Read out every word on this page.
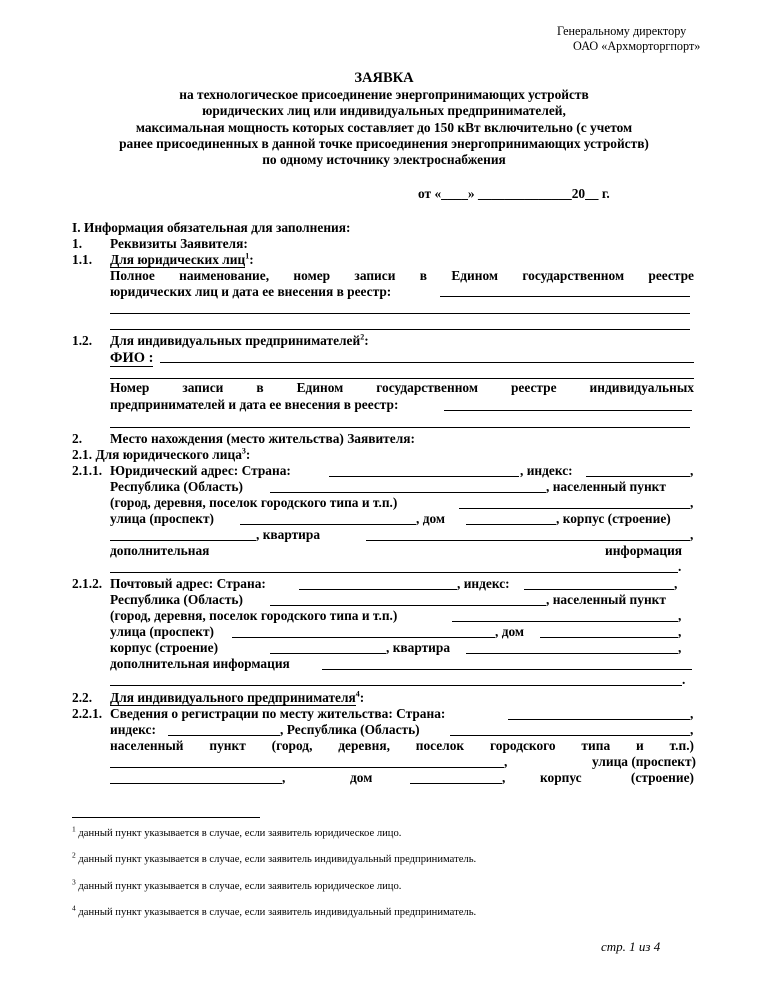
Генеральному директору
ОАО «Архморторгпорт»
ЗАЯВКА
на технологическое присоединение энергопринимающих устройств
юридических лиц или индивидуальных предпринимателей,
максимальная мощность которых составляет до 150 кВт включительно (с учетом
ранее присоединенных в данной точке присоединения энергопринимающих устройств)
по одному источнику электроснабжения
от «____» ______________20__ г.
I. Информация обязательная для заполнения:
1. Реквизиты Заявителя:
1.1. Для юридических лиц$^1$:
Полное наименование, номер записи в Едином государственном реестре
юридических лиц и дата ее внесения в реестр:
1.2. Для индивидуальных предпринимателей$^2$:
ФИО :
Номер записи в Едином государственном реестре индивидуальных
предпринимателей и дата ее внесения в реестр:
2. Место нахождения (место жительства) Заявителя:
2.1. Для юридического лица$^3$:
2.1.1. Юридический адрес: Страна:	, индекс:	,
Республика (Область)	, населенный пункт
(город, деревня, поселок городского типа и т.п.)	,
улица (проспект)	, дом	, корпус (строение)
, квартира	,
дополнительная	информация
.
2.1.2. Почтовый адрес: Страна:	, индекс:	,
Республика (Область)	, населенный пункт
(город, деревня, поселок городского типа и т.п.)	,
улица (проспект)	, дом	,
корпус (строение)	, квартира	,
дополнительная информация
.
2.2. Для индивидуального предпринимателя$^4$:
2.2.1. Сведения о регистрации по месту жительства: Страна:	,
индекс:	, Республика (Область)	,
населенный пункт (город, деревня, поселок городского типа и т.п.)
,	улица (проспект)
,	дом	,	корпус (строение)
$^1$ данный пункт указывается в случае, если заявитель юридическое лицо.
$^2$ данный пункт указывается в случае, если заявитель индивидуальный предприниматель.
$^3$ данный пункт указывается в случае, если заявитель юридическое лицо.
$^4$ данный пункт указывается в случае, если заявитель индивидуальный предприниматель.
стр. 1 из 4
